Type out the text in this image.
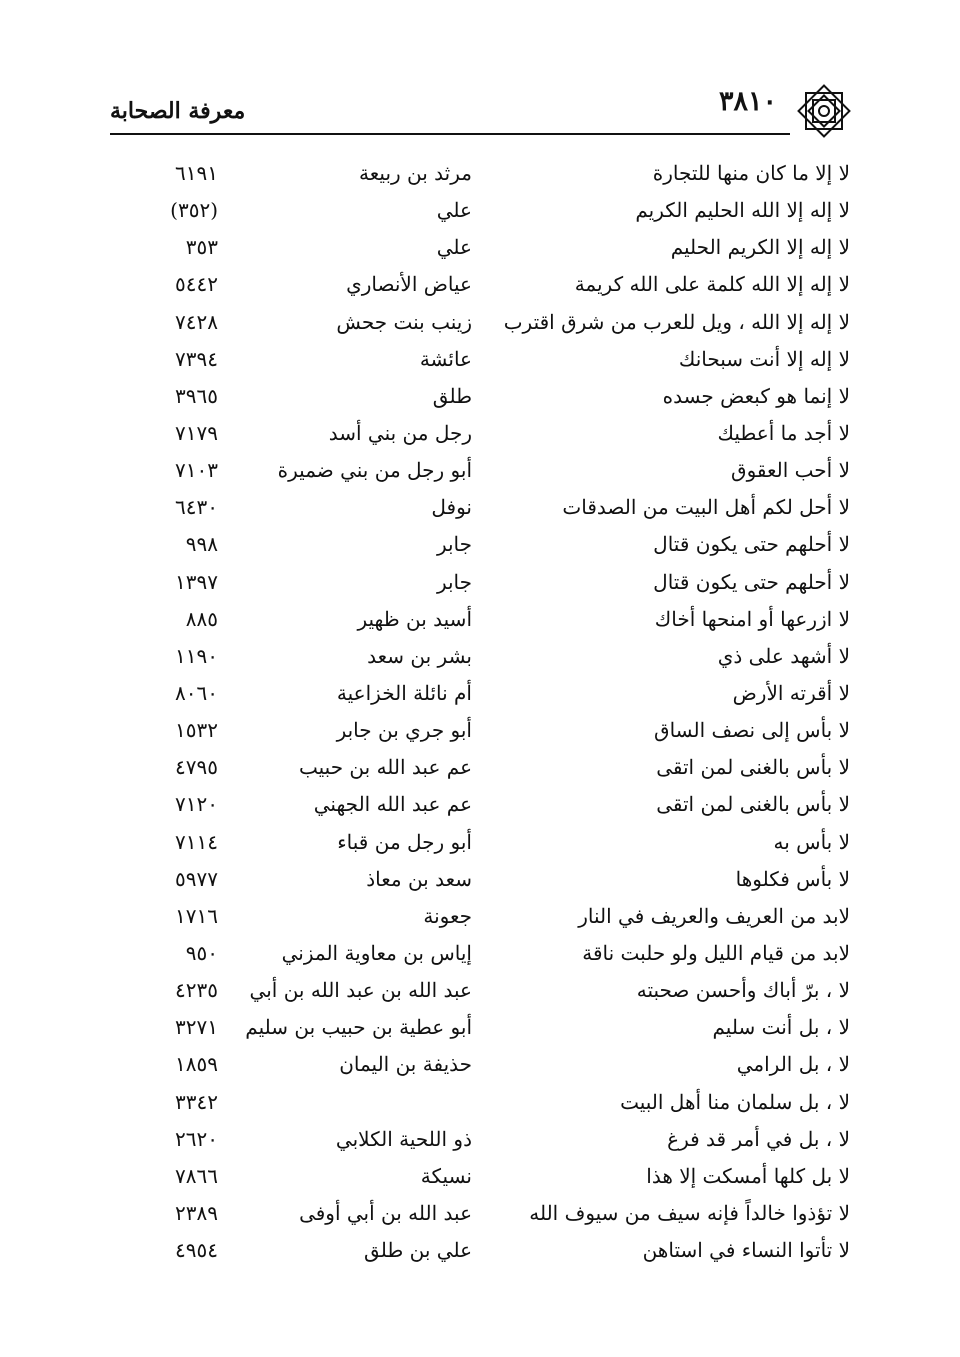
معرفة الصحابة	٣٨١٠
لا إلا ما كان منها للتجارة
مرثد بن ربيعة
٦١٩١
لا إله إلا الله الحليم الكريم
علي
(٣٥٢)
لا إله إلا الكريم الحليم
علي
٣٥٣
لا إله إلا الله كلمة على الله كريمة
عياض الأنصاري
٥٤٤٢
لا إله إلا الله ، ويل للعرب من شرق اقترب
زينب بنت جحش
٧٤٢٨
لا إله إلا أنت سبحانك
عائشة
٧٣٩٤
لا إنما هو كبعض جسده
طلق
٣٩٦٥
لا أجد ما أعطيك
رجل من بني أسد
٧١٧٩
لا أحب العقوق
أبو رجل من بني ضميرة
٧١٠٣
لا أحل لكم أهل البيت من الصدقات
نوفل
٦٤٣٠
لا أحلهم حتى يكون قتال
جابر
٩٩٨
لا أحلهم حتى يكون قتال
جابر
١٣٩٧
لا ازرعها أو امنحها أخاك
أسيد بن ظهير
٨٨٥
لا أشهد على ذي
بشر بن سعد
١١٩٠
لا أقرته الأرض
أم نائلة الخزاعية
٨٠٦٠
لا بأس إلى نصف الساق
أبو جري بن جابر
١٥٣٢
لا بأس بالغنى لمن اتقى
عم عبد الله بن حبيب
٤٧٩٥
لا بأس بالغنى لمن اتقى
عم عبد الله الجهني
٧١٢٠
لا بأس به
أبو رجل من قباء
٧١١٤
لا بأس فكلوها
سعد بن معاذ
٥٩٧٧
لابد من العريف والعريف في النار
جعونة
١٧١٦
لابد من قيام الليل ولو حلبت ناقة
إياس بن معاوية المزني
٩٥٠
لا ، برّ أباك وأحسن صحبته
عبد الله بن عبد الله بن أبي
٤٢٣٥
لا ، بل أنت سليم
أبو عطية بن حبيب بن سليم
٣٢٧١
لا ، بل الرامي
حذيفة بن اليمان
١٨٥٩
لا ، بل سلمان منا أهل البيت
٣٣٤٢
لا ، بل في أمر قد فرغ
ذو اللحية الكلابي
٢٦٢٠
لا بل كلها أمسكت إلا هذا
نسيكة
٧٨٦٦
لا تؤذوا خالداً فإنه سيف من سيوف الله
عبد الله بن أبي أوفى
٢٣٨٩
لا تأتوا النساء في استاهن
علي بن طلق
٤٩٥٤
